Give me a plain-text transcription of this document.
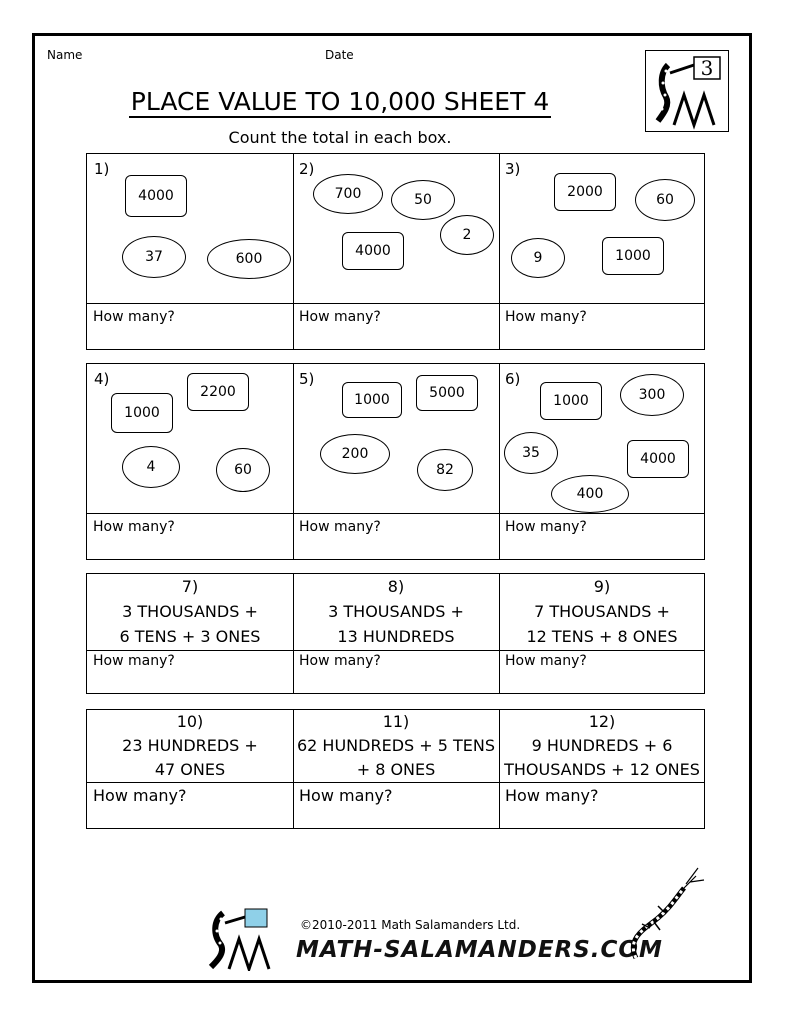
Name	Date
3
PLACE VALUE TO 10,000 SHEET 4
Count the total in each box.
1)
4000
37	600
How many?
2)
700	50
2
4000
How many?
3)
2000	60
9	1000
How many?
4)
2200
1000
4	60
How many?
5)
1000	5000
200
82
How many?
6)
1000	300
35	4000
400
How many?
7)
3 THOUSANDS +
6 TENS + 3 ONES
How many?
8)
3 THOUSANDS +
13 HUNDREDS
How many?
9)
7 THOUSANDS +
12 TENS + 8 ONES
How many?
10)
23 HUNDREDS +
47 ONES
How many?
11)
62 HUNDREDS + 5 TENS
+ 8 ONES
How many?
12)
9 HUNDREDS + 6
THOUSANDS + 12 ONES
How many?
©2010-2011 Math Salamanders Ltd.
MATH-SALAMANDERS.COM
